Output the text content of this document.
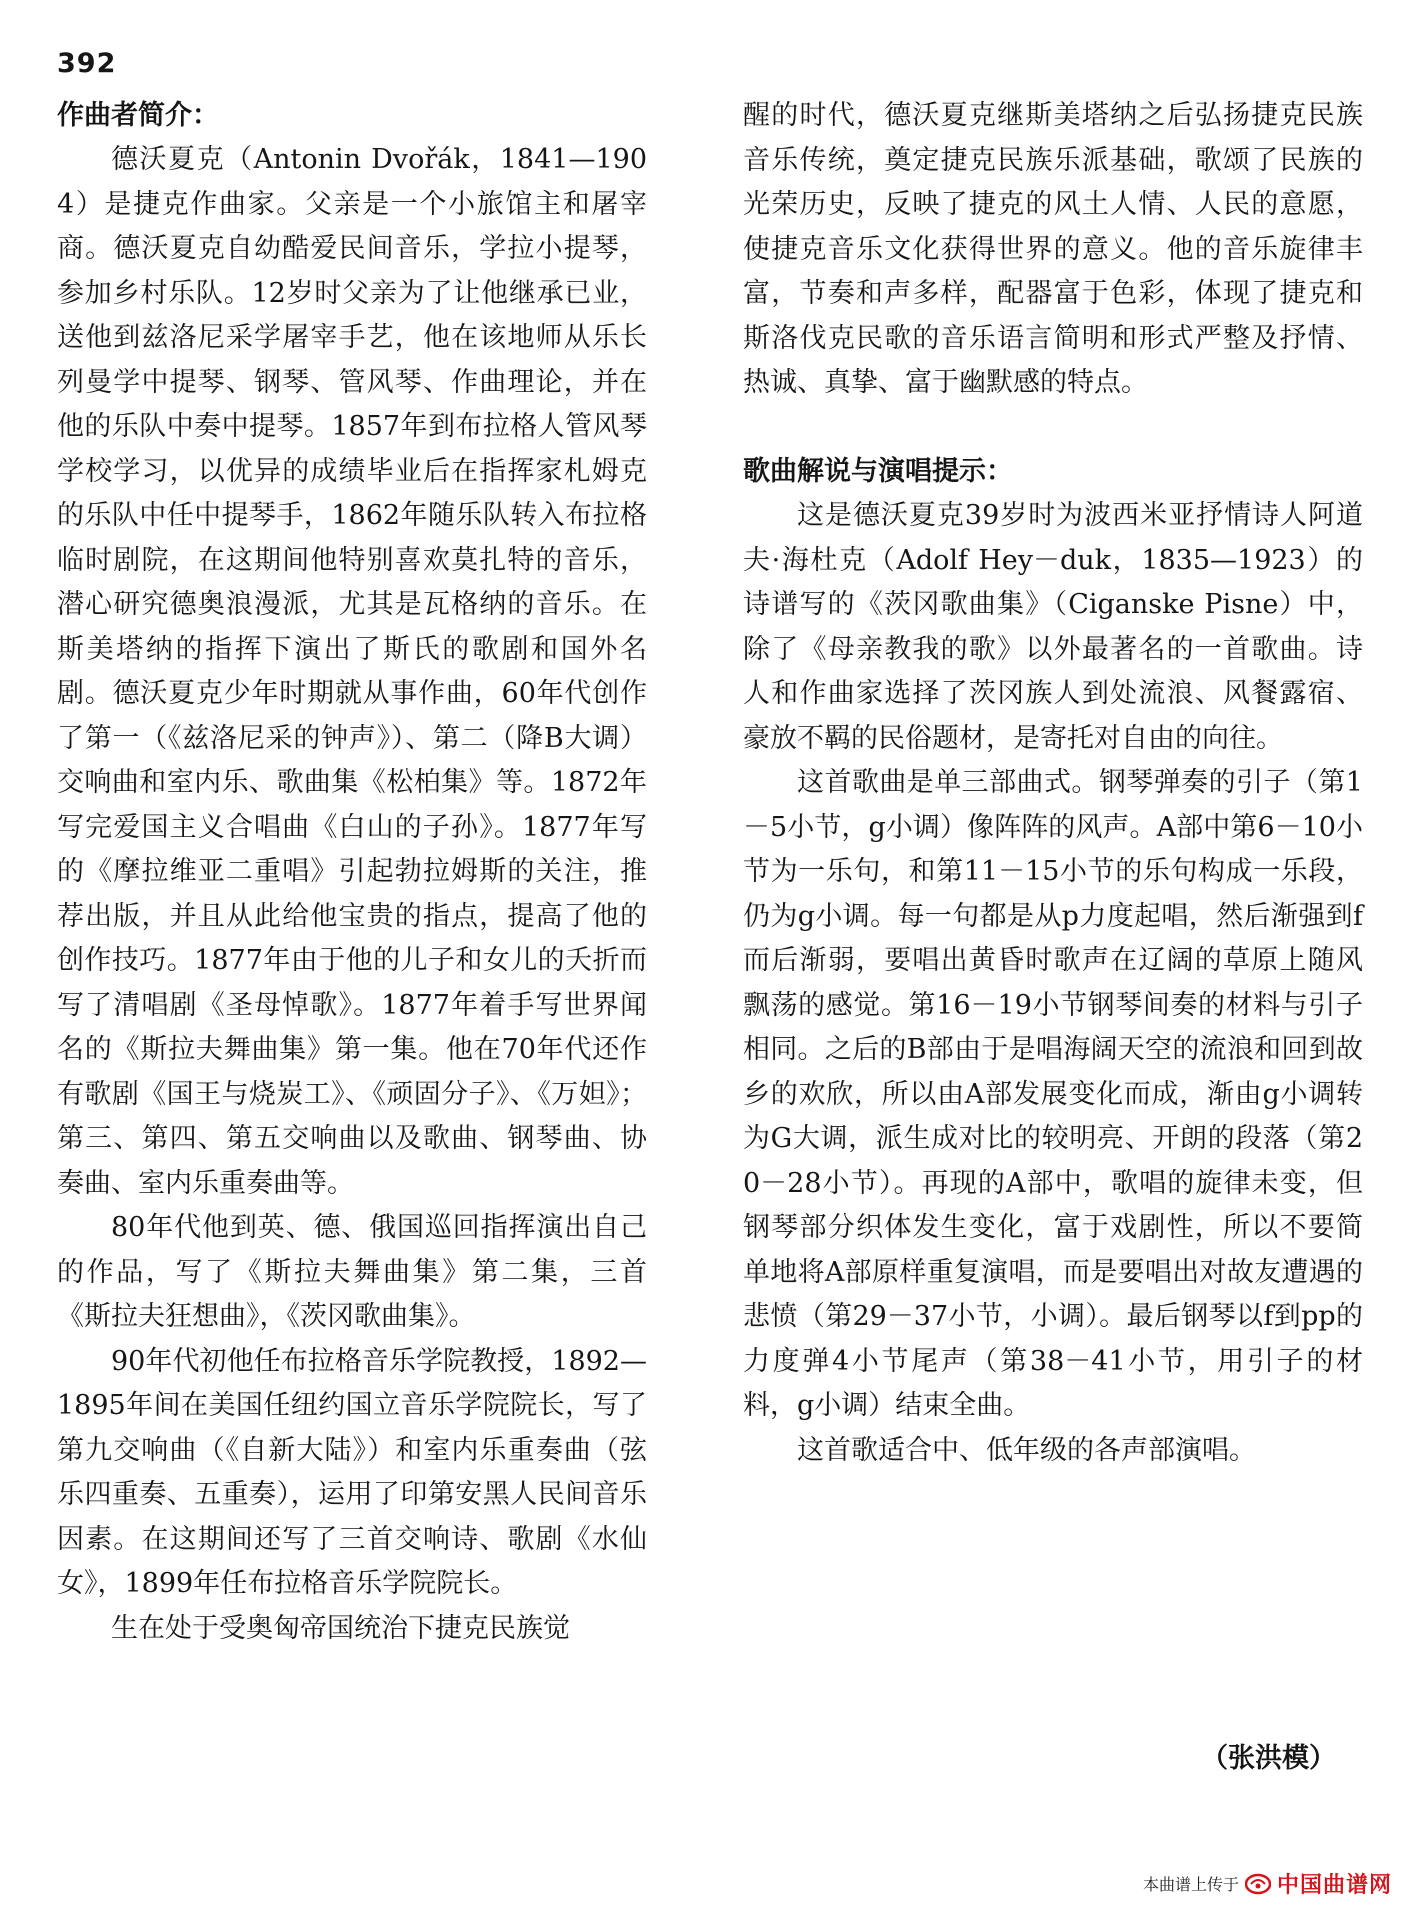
392
作曲者简介：

德沃夏克（Antonin Dvořák，1841—1904）是捷克作曲家。父亲是一个小旅馆主和屠宰商。德沃夏克自幼酷爱民间音乐，学拉小提琴，参加乡村乐队。12岁时父亲为了让他继承已业，送他到兹洛尼采学屠宰手艺，他在该地师从乐长列曼学中提琴、钢琴、管风琴、作曲理论，并在他的乐队中奏中提琴。1857年到布拉格人管风琴学校学习，以优异的成绩毕业后在指挥家札姆克的乐队中任中提琴手，1862年随乐队转入布拉格临时剧院，在这期间他特别喜欢莫扎特的音乐，潜心研究德奥浪漫派，尤其是瓦格纳的音乐。在斯美塔纳的指挥下演出了斯氏的歌剧和国外名剧。德沃夏克少年时期就从事作曲，60年代创作了第一（《兹洛尼采的钟声》）、第二（降B大调）交响曲和室内乐、歌曲集《松柏集》等。1872年写完爱国主义合唱曲《白山的子孙》。1877年写的《摩拉维亚二重唱》引起勃拉姆斯的关注，推荐出版，并且从此给他宝贵的指点，提高了他的创作技巧。1877年由于他的儿子和女儿的夭折而写了清唱剧《圣母悼歌》。1877年着手写世界闻名的《斯拉夫舞曲集》第一集。他在70年代还作有歌剧《国王与烧炭工》、《顽固分子》、《万妲》；第三、第四、第五交响曲以及歌曲、钢琴曲、协奏曲、室内乐重奏曲等。

80年代他到英、德、俄国巡回指挥演出自己的作品，写了《斯拉夫舞曲集》第二集，三首《斯拉夫狂想曲》，《茨冈歌曲集》。

90年代初他任布拉格音乐学院教授，1892—1895年间在美国任纽约国立音乐学院院长，写了第九交响曲（《自新大陆》）和室内乐重奏曲（弦乐四重奏、五重奏），运用了印第安黑人民间音乐因素。在这期间还写了三首交响诗、歌剧《水仙女》，1899年任布拉格音乐学院院长。

生在处于受奥匈帝国统治下捷克民族觉

醒的时代，德沃夏克继斯美塔纳之后弘扬捷克民族音乐传统，奠定捷克民族乐派基础，歌颂了民族的光荣历史，反映了捷克的风土人情、人民的意愿，使捷克音乐文化获得世界的意义。他的音乐旋律丰富，节奏和声多样，配器富于色彩，体现了捷克和斯洛伐克民歌的音乐语言简明和形式严整及抒情、热诚、真挚、富于幽默感的特点。

歌曲解说与演唱提示：

这是德沃夏克39岁时为波西米亚抒情诗人阿道夫·海杜克（Adolf Hey－duk，1835—1923）的诗谱写的《茨冈歌曲集》（Ciganske Pisne）中，除了《母亲教我的歌》以外最著名的一首歌曲。诗人和作曲家选择了茨冈族人到处流浪、风餐露宿、豪放不羁的民俗题材，是寄托对自由的向往。

这首歌曲是单三部曲式。钢琴弹奏的引子（第1－5小节，g小调）像阵阵的风声。A部中第6－10小节为一乐句，和第11－15小节的乐句构成一乐段，仍为g小调。每一句都是从p力度起唱，然后渐强到f而后渐弱，要唱出黄昏时歌声在辽阔的草原上随风飘荡的感觉。第16－19小节钢琴间奏的材料与引子相同。之后的B部由于是唱海阔天空的流浪和回到故乡的欢欣，所以由A部发展变化而成，渐由g小调转为G大调，派生成对比的较明亮、开朗的段落（第20－28小节）。再现的A部中，歌唱的旋律未变，但钢琴部分织体发生变化，富于戏剧性，所以不要简单地将A部原样重复演唱，而是要唱出对故友遭遇的悲愤（第29－37小节，小调）。最后钢琴以f到pp的力度弹4小节尾声（第38－41小节，用引子的材料，g小调）结束全曲。

这首歌适合中、低年级的各声部演唱。

（张洪模）
本曲谱上传于 中国曲谱网
